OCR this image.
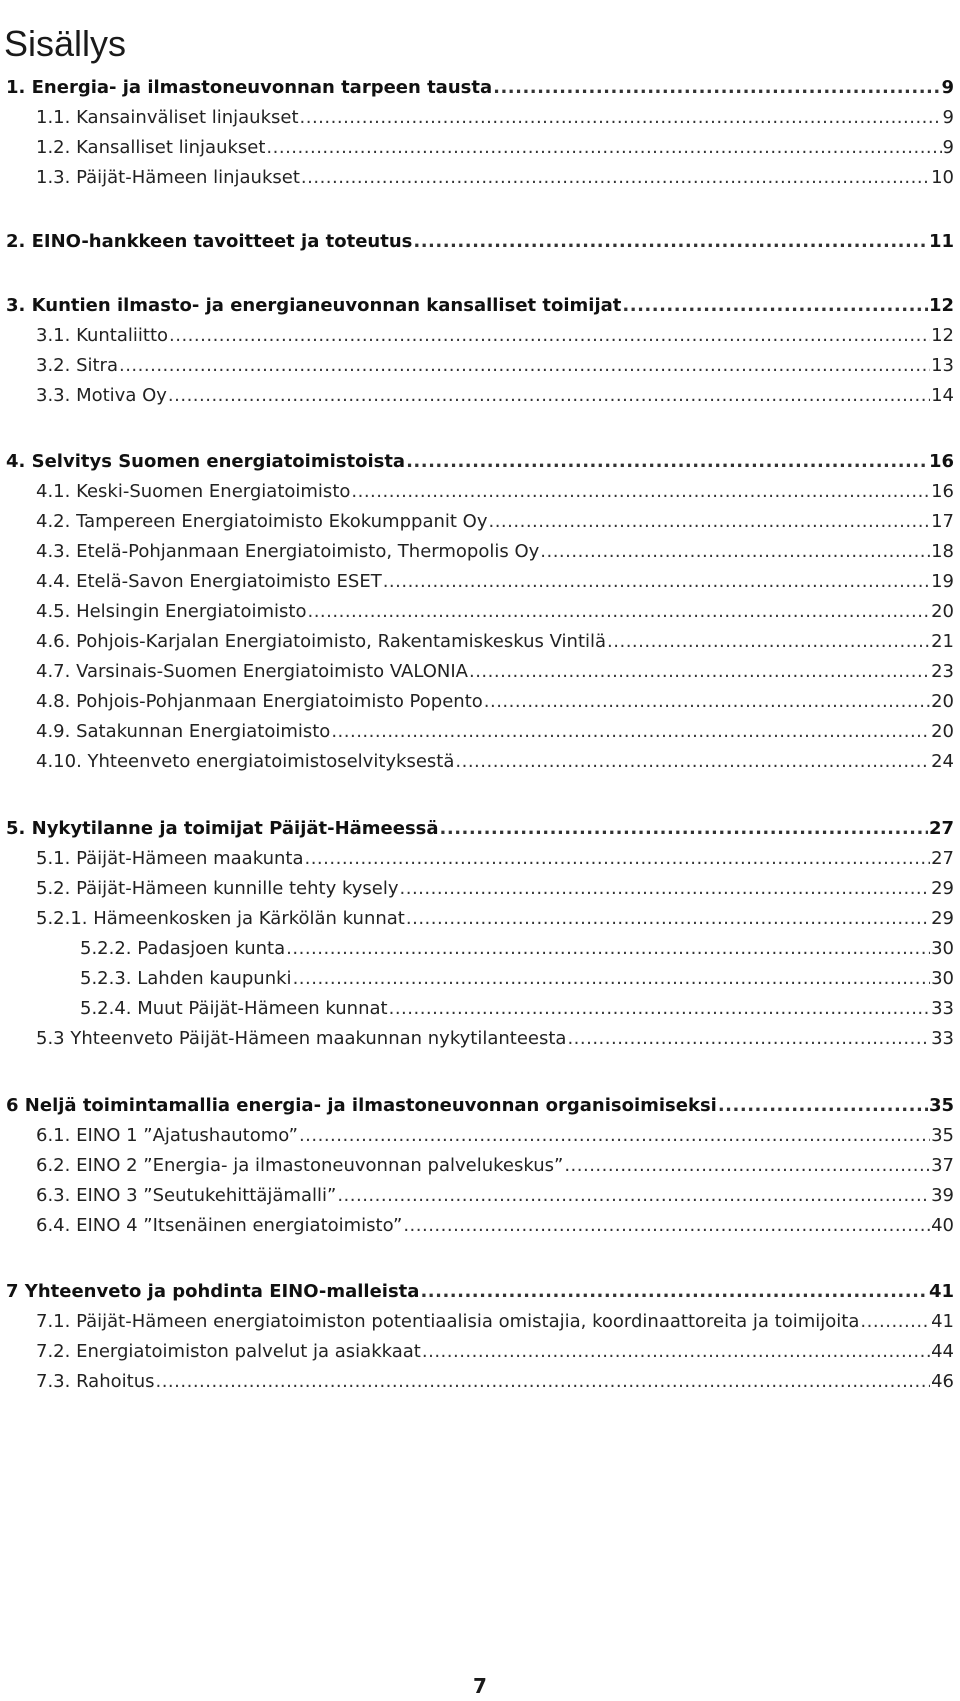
Sisällys
1. Energia- ja ilmastoneuvonnan tarpeen tausta .....	9
1.1. Kansainväliset linjaukset .....	9
1.2. Kansalliset linjaukset .....	9
1.3. Päijät-Hämeen linjaukset .....	10
2. EINO-hankkeen tavoitteet ja toteutus .....	11
3. Kuntien ilmasto- ja energianeuvonnan kansalliset toimijat .....	12
3.1. Kuntaliitto .....	12
3.2. Sitra .....	13
3.3. Motiva Oy .....	14
4. Selvitys Suomen energiatoimistoista .....	16
4.1. Keski-Suomen Energiatoimisto .....	16
4.2. Tampereen Energiatoimisto Ekokumppanit Oy .....	17
4.3. Etelä-Pohjanmaan Energiatoimisto, Thermopolis Oy .....	18
4.4. Etelä-Savon Energiatoimisto ESET .....	19
4.5. Helsingin Energiatoimisto .....	20
4.6. Pohjois-Karjalan Energiatoimisto, Rakentamiskeskus Vintilä .....	21
4.7. Varsinais-Suomen Energiatoimisto VALONIA .....	23
4.8. Pohjois-Pohjanmaan Energiatoimisto Popento .....	20
4.9. Satakunnan Energiatoimisto .....	20
4.10. Yhteenveto energiatoimistoselvityksestä .....	24
5. Nykytilanne ja toimijat Päijät-Hämeessä .....	27
5.1. Päijät-Hämeen maakunta .....	27
5.2. Päijät-Hämeen kunnille tehty kysely .....	29
5.2.1. Hämeenkosken ja Kärkölän kunnat .....	29
5.2.2. Padasjoen kunta .....	30
5.2.3. Lahden kaupunki .....	30
5.2.4. Muut Päijät-Hämeen kunnat .....	33
5.3 Yhteenveto Päijät-Hämeen maakunnan nykytilanteesta .....	33
6 Neljä toimintamallia energia- ja ilmastoneuvonnan organisoimiseksi .....	35
6.1. EINO 1 ”Ajatushautomo” .....	35
6.2. EINO 2 ”Energia- ja ilmastoneuvonnan palvelukeskus” .....	37
6.3. EINO 3 ”Seutukehittäjämalli” .....	39
6.4. EINO 4 ”Itsenäinen energiatoimisto” .....	40
7 Yhteenveto ja pohdinta EINO-malleista .....	41
7.1. Päijät-Hämeen energiatoimiston potentiaalisia omistajia, koordinaattoreita ja toimijoita .....	41
7.2. Energiatoimiston palvelut ja asiakkaat .....	44
7.3. Rahoitus .....	46
7
